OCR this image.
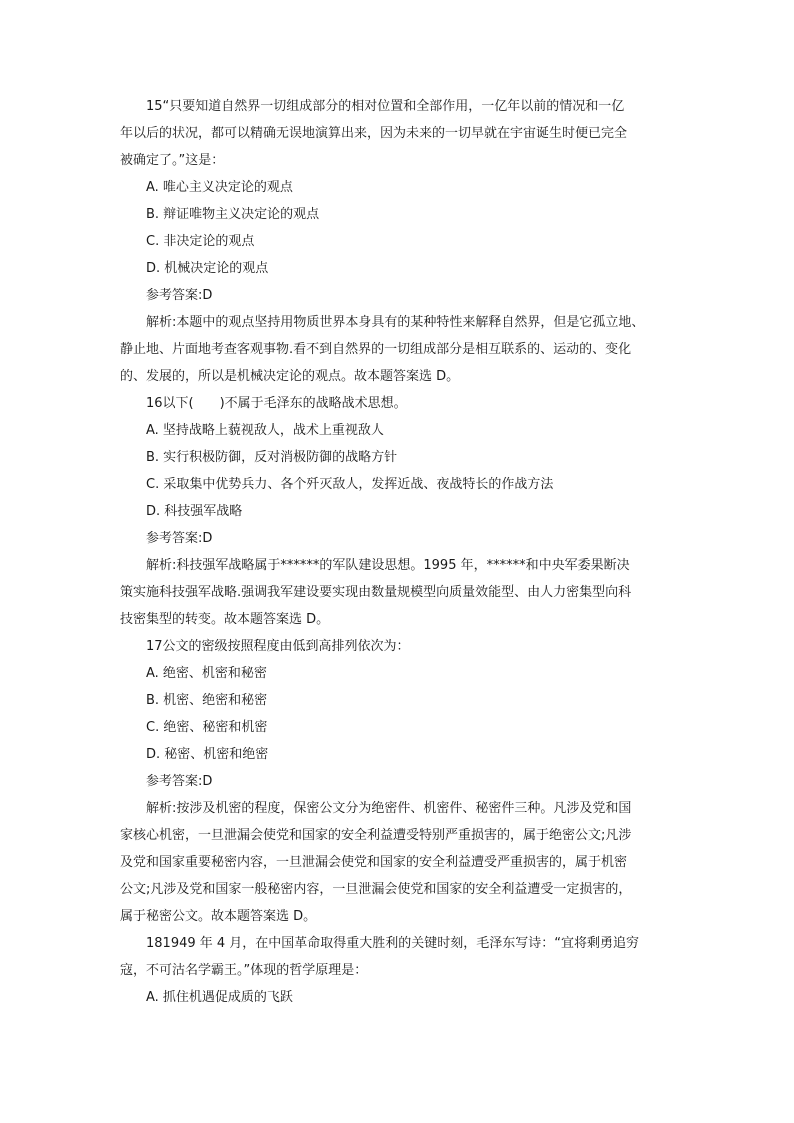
15“只要知道自然界一切组成部分的相对位置和全部作用，一亿年以前的情况和一亿
年以后的状况，都可以精确无误地演算出来，因为未来的一切早就在宇宙诞生时便已完全
被确定了。”这是：
A. 唯心主义决定论的观点
B. 辩证唯物主义决定论的观点
C. 非决定论的观点
D. 机械决定论的观点
参考答案:D
解析:本题中的观点坚持用物质世界本身具有的某种特性来解释自然界，但是它孤立地、
静止地、片面地考查客观事物.看不到自然界的一切组成部分是相互联系的、运动的、变化
的、发展的，所以是机械决定论的观点。故本题答案选 D。
16以下(　　)不属于毛泽东的战略战术思想。
A. 坚持战略上藐视敌人，战术上重视敌人
B. 实行积极防御，反对消极防御的战略方针
C. 采取集中优势兵力、各个歼灭敌人，发挥近战、夜战特长的作战方法
D. 科技强军战略
参考答案:D
解析:科技强军战略属于******的军队建设思想。1995 年，******和中央军委果断决
策实施科技强军战略.强调我军建设要实现由数量规模型向质量效能型、由人力密集型向科
技密集型的转变。故本题答案选 D。
17公文的密级按照程度由低到高排列依次为：
A. 绝密、机密和秘密
B. 机密、绝密和秘密
C. 绝密、秘密和机密
D. 秘密、机密和绝密
参考答案:D
解析:按涉及机密的程度，保密公文分为绝密件、机密件、秘密件三种。凡涉及党和国
家核心机密，一旦泄漏会使党和国家的安全利益遭受特别严重损害的，属于绝密公文;凡涉
及党和国家重要秘密内容，一旦泄漏会使党和国家的安全利益遭受严重损害的，属于机密
公文;凡涉及党和国家一般秘密内容，一旦泄漏会使党和国家的安全利益遭受一定损害的，
属于秘密公文。故本题答案选 D。
181949 年 4 月，在中国革命取得重大胜利的关键时刻，毛泽东写诗：“宜将剩勇追穷
寇，不可沽名学霸王。”体现的哲学原理是：
A. 抓住机遇促成质的飞跃
